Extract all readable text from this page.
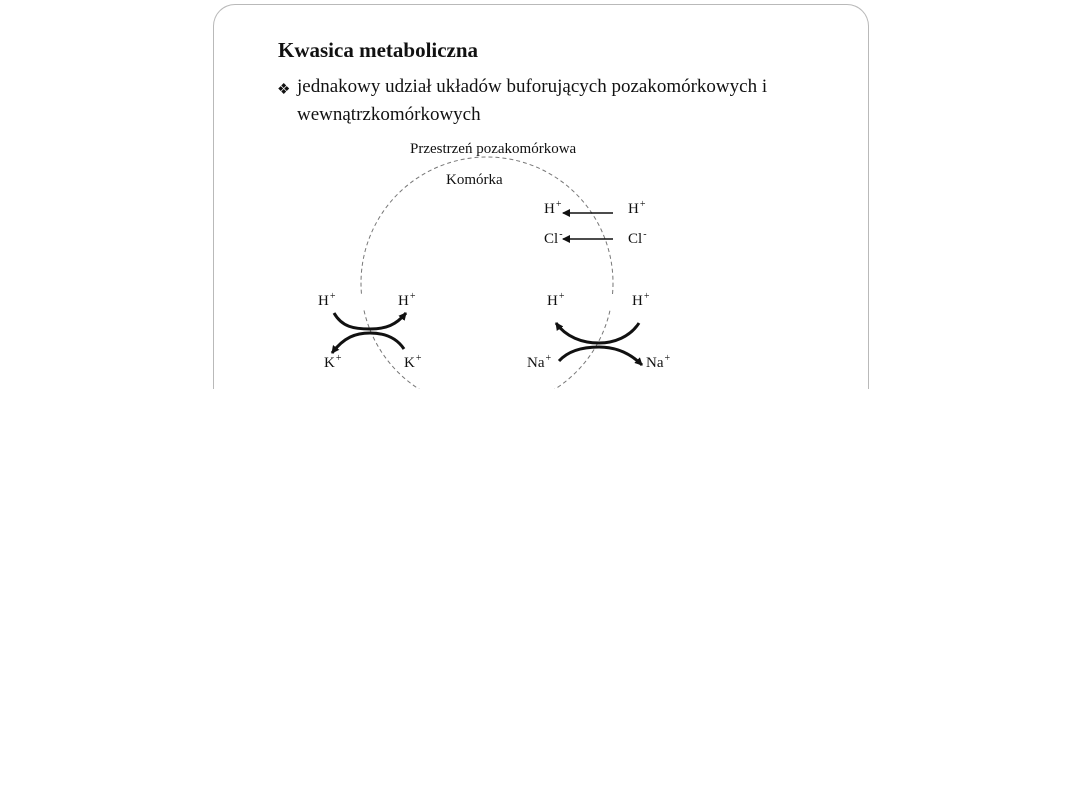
Kwasica metaboliczna
❖ jednakowy udział układów buforujących pozakomórkowych i
wewnątrzkomórkowych
Przestrzeń pozakomórkowa
Komórka
H+	H+
Cl-	Cl-
H+	H+
K+	K+
H+	H+
Na+	Na+
